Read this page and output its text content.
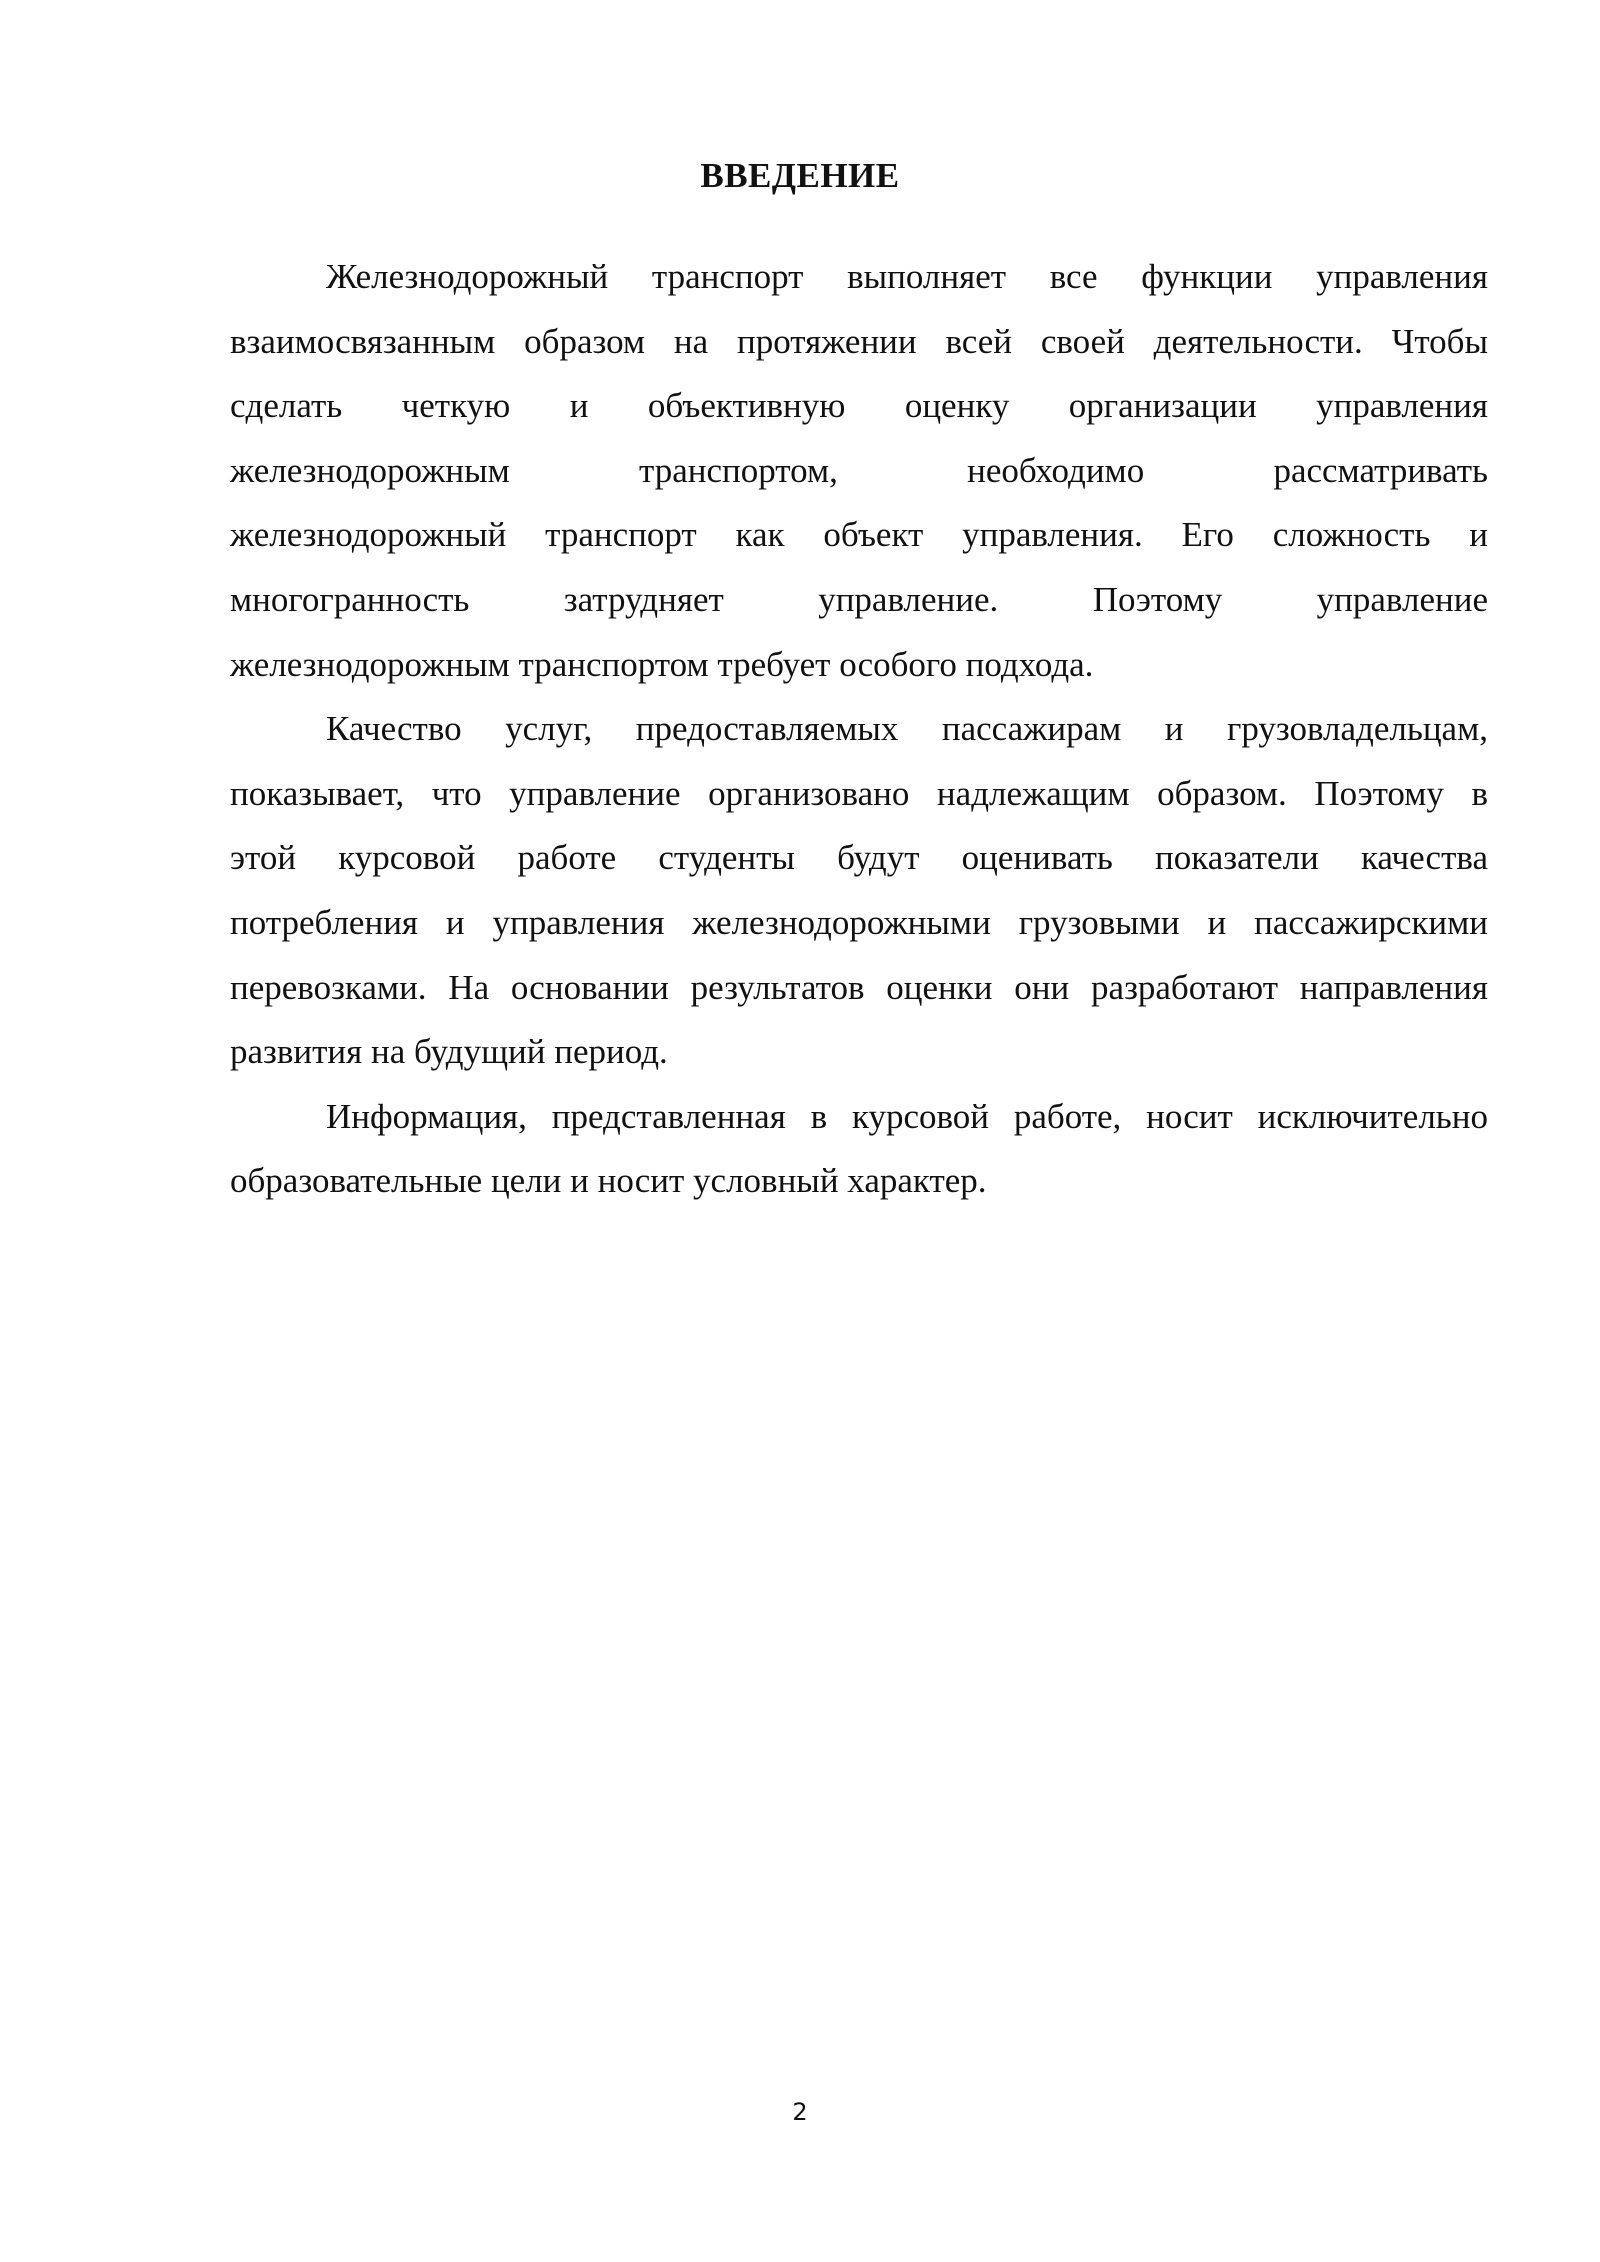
ВВЕДЕНИЕ
Железнодорожный транспорт выполняет все функции управления
взаимосвязанным образом на протяжении всей своей деятельности. Чтобы
сделать четкую и объективную оценку организации управления
железнодорожным транспортом, необходимо рассматривать
железнодорожный транспорт как объект управления. Его сложность и
многогранность затрудняет управление. Поэтому управление
железнодорожным транспортом требует особого подхода.
Качество услуг, предоставляемых пассажирам и грузовладельцам,
показывает, что управление организовано надлежащим образом. Поэтому в
этой курсовой работе студенты будут оценивать показатели качества
потребления и управления железнодорожными грузовыми и пассажирскими
перевозками. На основании результатов оценки они разработают направления
развития на будущий период.
Информация, представленная в курсовой работе, носит исключительно
образовательные цели и носит условный характер.
2
